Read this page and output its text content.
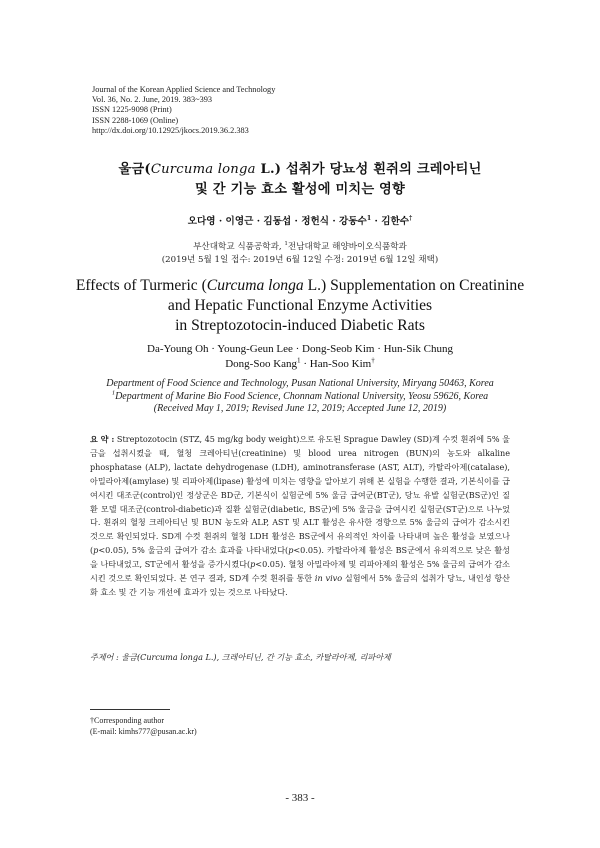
Journal of the Korean Applied Science and Technology
Vol. 36, No. 2. June, 2019. 383~393
ISSN 1225-9098 (Print)
ISSN 2288-1069 (Online)
http://dx.doi.org/10.12925/jkocs.2019.36.2.383
울금(Curcuma longa L.) 섭취가 당뇨성 흰쥐의 크레아티닌
및 간 기능 효소 활성에 미치는 영향
오다영 · 이영근 · 김동섭 · 정헌식 · 강동수$^1$ · 김한수†
부산대학교 식품공학과, $^1$전남대학교 해양바이오식품학과
(2019년 5월 1일 접수: 2019년 6월 12일 수정: 2019년 6월 12일 채택)
Effects of Turmeric (Curcuma longa L.) Supplementation on Creatinine
and Hepatic Functional Enzyme Activities
in Streptozotocin-induced Diabetic Rats
Da-Young Oh · Young-Geun Lee · Dong-Seob Kim · Hun-Sik Chung
Dong-Soo Kang$^1$ · Han-Soo Kim†
Department of Food Science and Technology, Pusan National University, Miryang 50463, Korea
$^1$Department of Marine Bio Food Science, Chonnam National University, Yeosu 59626, Korea
(Received May 1, 2019; Revised June 12, 2019; Accepted June 12, 2019)
요 약 : Streptozotocin (STZ, 45 mg/kg body weight)으로 유도된 Sprague Dawley (SD)계 수컷 흰쥐에 5% 울금을 섭취시켰을 때, 혈청 크레아티닌(creatinine) 및 blood urea nitrogen (BUN)의 농도와 alkaline phosphatase (ALP), lactate dehydrogenase (LDH), aminotransferase (AST, ALT), 카탈라아제(catalase), 아밀라아제(amylase) 및 리파아제(lipase) 활성에 미치는 영향을 알아보기 위해 본 실험을 수행한 결과, 기본식이를 급여시킨 대조군(control)인 정상군은 BD군, 기본식이 실험군에 5% 울금 급여군(BT군), 당뇨 유발 실험군(BS군)인 질환 모델 대조군(control-diabetic)과 질환 실험군(diabetic, BS군)에 5% 울금을 급여시킨 실험군(ST군)으로 나누었다. 흰쥐의 혈청 크레아티닌 및 BUN 농도와 ALP, AST 및 ALT 활성은 유사한 경향으로 5% 울금의 급여가 감소시킨 것으로 확인되었다. SD계 수컷 흰쥐의 혈청 LDH 활성은 BS군에서 유의적인 차이를 나타내며 높은 활성을 보였으나(p<0.05), 5% 울금의 급여가 감소 효과를 나타내었다(p<0.05). 카탈라아제 활성은 BS군에서 유의적으로 낮은 활성을 나타내었고, ST군에서 활성을 증가시켰다(p<0.05). 혈청 아밀라아제 및 리파아제의 활성은 5% 울금의 급여가 감소시킨 것으로 확인되었다. 본 연구 결과, SD계 수컷 흰쥐를 통한 in vivo 실험에서 5% 울금의 섭취가 당뇨, 내인성 항산화 효소 및 간 기능 개선에 효과가 있는 것으로 나타났다.
주제어 : 울금(Curcuma longa L.), 크레아티닌, 간 기능 효소, 카탈라아제, 리파아제
†Corresponding author
(E-mail: kimhs777@pusan.ac.kr)
- 383 -
